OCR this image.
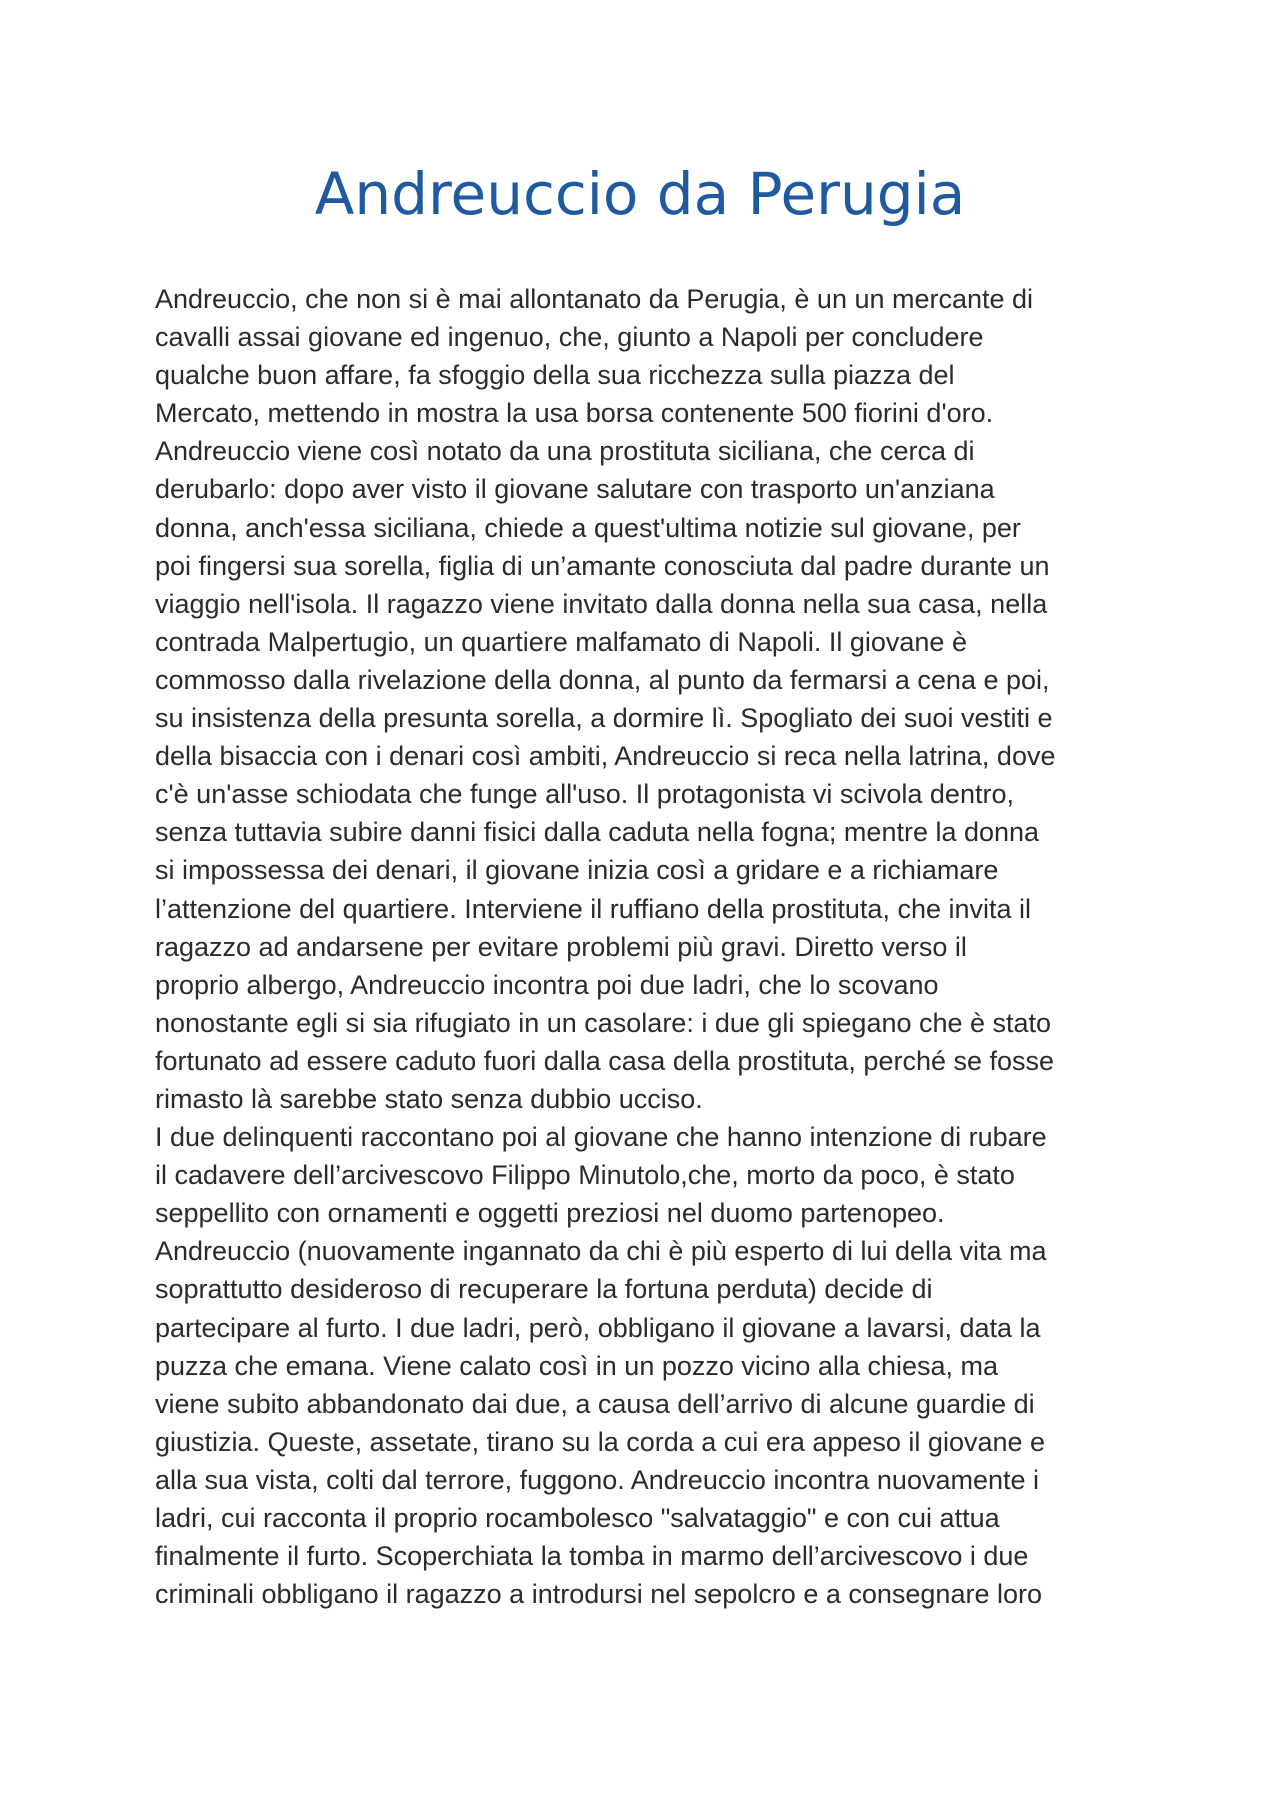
Andreuccio da Perugia
Andreuccio, che non si è mai allontanato da Perugia, è un un mercante di
cavalli assai giovane ed ingenuo, che, giunto a Napoli per concludere
qualche buon affare, fa sfoggio della sua ricchezza sulla piazza del
Mercato, mettendo in mostra la usa borsa contenente 500 fiorini d'oro.
Andreuccio viene così notato da una prostituta siciliana, che cerca di
derubarlo: dopo aver visto il giovane salutare con trasporto un'anziana
donna, anch'essa siciliana, chiede a quest'ultima notizie sul giovane, per
poi fingersi sua sorella, figlia di un’amante conosciuta dal padre durante un
viaggio nell'isola. Il ragazzo viene invitato dalla donna nella sua casa, nella
contrada Malpertugio, un quartiere malfamato di Napoli. Il giovane è
commosso dalla rivelazione della donna, al punto da fermarsi a cena e poi,
su insistenza della presunta sorella, a dormire lì. Spogliato dei suoi vestiti e
della bisaccia con i denari così ambiti, Andreuccio si reca nella latrina, dove
c'è un'asse schiodata che funge all'uso. Il protagonista vi scivola dentro,
senza tuttavia subire danni fisici dalla caduta nella fogna; mentre la donna
si impossessa dei denari, il giovane inizia così a gridare e a richiamare
l’attenzione del quartiere. Interviene il ruffiano della prostituta, che invita il
ragazzo ad andarsene per evitare problemi più gravi. Diretto verso il
proprio albergo, Andreuccio incontra poi due ladri, che lo scovano
nonostante egli si sia rifugiato in un casolare: i due gli spiegano che è stato
fortunato ad essere caduto fuori dalla casa della prostituta, perché se fosse
rimasto là sarebbe stato senza dubbio ucciso.
I due delinquenti raccontano poi al giovane che hanno intenzione di rubare
il cadavere dell’arcivescovo Filippo Minutolo,che, morto da poco, è stato
seppellito con ornamenti e oggetti preziosi nel duomo partenopeo.
Andreuccio (nuovamente ingannato da chi è più esperto di lui della vita ma
soprattutto desideroso di recuperare la fortuna perduta) decide di
partecipare al furto. I due ladri, però, obbligano il giovane a lavarsi, data la
puzza che emana. Viene calato così in un pozzo vicino alla chiesa, ma
viene subito abbandonato dai due, a causa dell’arrivo di alcune guardie di
giustizia. Queste, assetate, tirano su la corda a cui era appeso il giovane e
alla sua vista, colti dal terrore, fuggono. Andreuccio incontra nuovamente i
ladri, cui racconta il proprio rocambolesco "salvataggio" e con cui attua
finalmente il furto. Scoperchiata la tomba in marmo dell’arcivescovo i due
criminali obbligano il ragazzo a introdursi nel sepolcro e a consegnare loro
